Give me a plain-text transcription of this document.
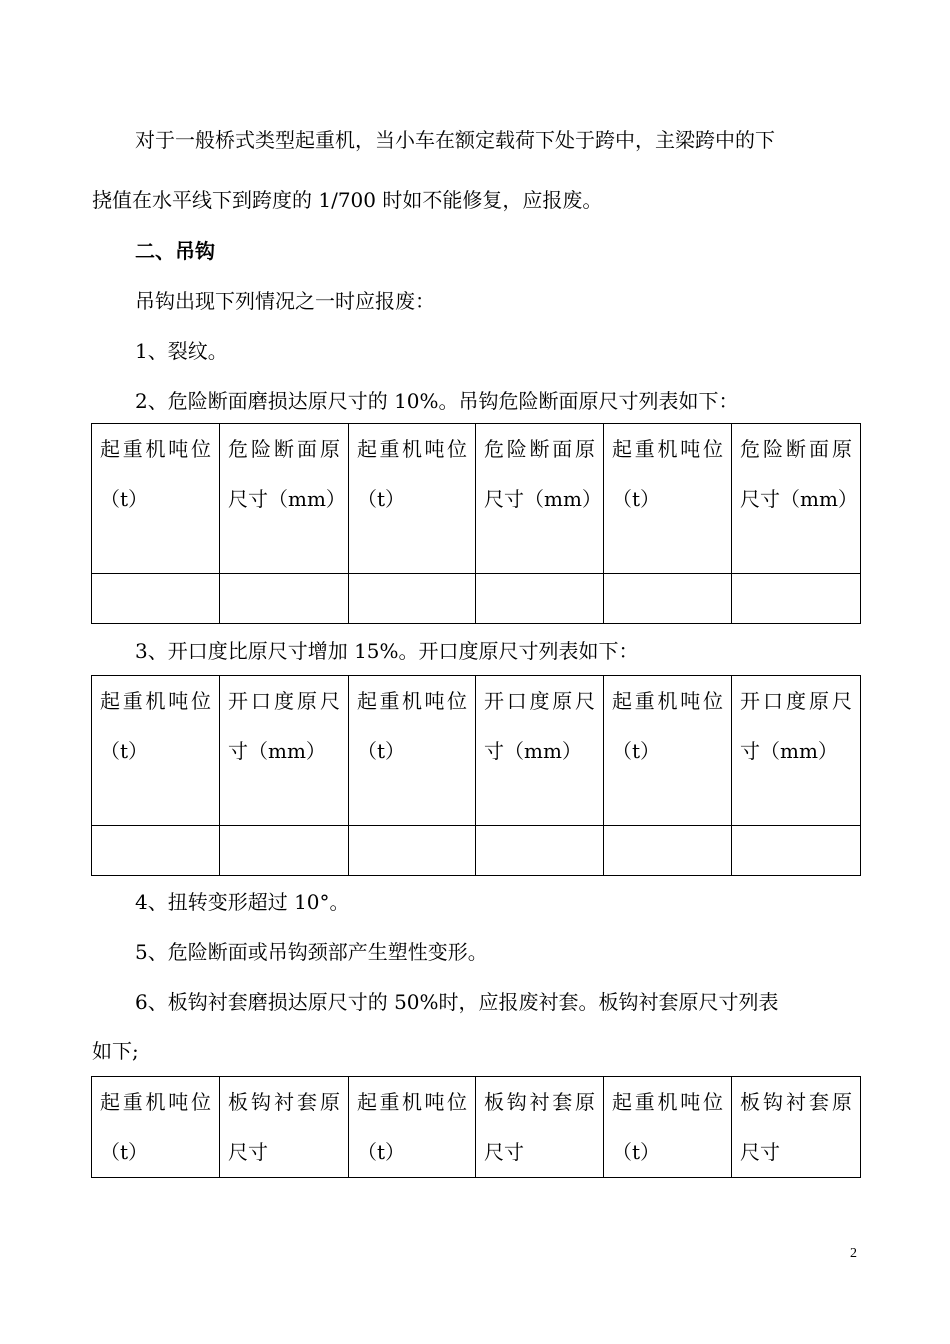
对于一般桥式类型起重机，当小车在额定载荷下处于跨中，主梁跨中的下

挠值在水平线下到跨度的 1/700 时如不能修复，应报废。

二、吊钩

吊钩出现下列情况之一时应报废：

1、裂纹。

2、危险断面磨损达原尺寸的 10%。吊钩危险断面原尺寸列表如下：

起重机吨位（t）	危险断面原尺寸（mm）	起重机吨位（t）	危险断面原尺寸（mm）	起重机吨位（t）	危险断面原尺寸（mm）

3、开口度比原尺寸增加 15%。开口度原尺寸列表如下：

起重机吨位（t）	开口度原尺寸（mm）	起重机吨位（t）	开口度原尺寸（mm）	起重机吨位（t）	开口度原尺寸（mm）

4、扭转变形超过 10°。

5、危险断面或吊钩颈部产生塑性变形。

6、板钩衬套磨损达原尺寸的 50%时，应报废衬套。板钩衬套原尺寸列表

如下;

起重机吨位（t）	板钩衬套原尺寸	起重机吨位（t）	板钩衬套原尺寸	起重机吨位（t）	板钩衬套原尺寸
2
